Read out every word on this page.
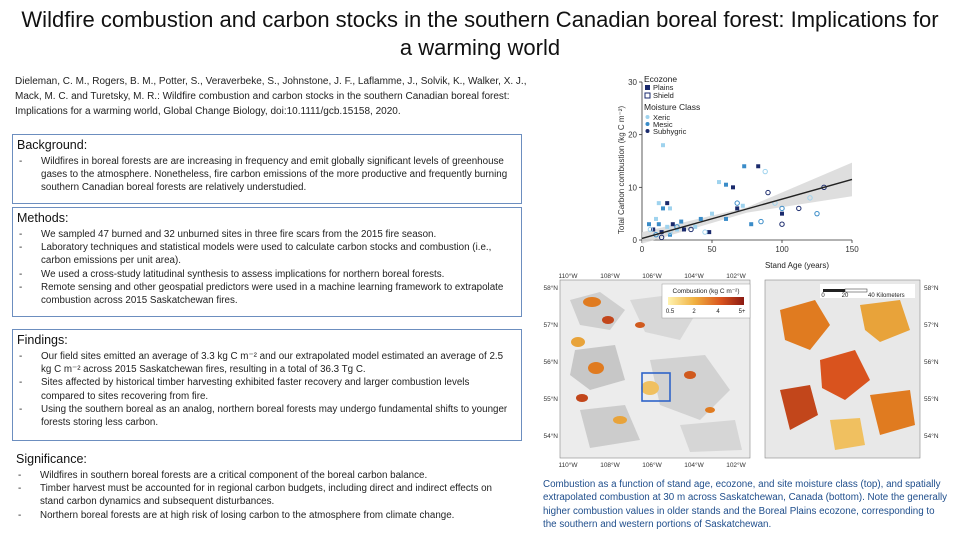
Wildfire combustion and carbon stocks in the southern Canadian boreal forest: Implications for a warming world
Dieleman, C. M., Rogers, B. M., Potter, S., Veraverbeke, S., Johnstone, J. F., Laflamme, J., Solvik, K., Walker, X. J., Mack, M. C. and Turetsky, M. R.: Wildfire combustion and carbon stocks in the southern Canadian boreal forest: Implications for a warming world, Global Change Biology, doi:10.1111/gcb.15158, 2020.
Background:
- Wildfires in boreal forests are are increasing in frequency and emit globally significant levels of greenhouse gases to the atmosphere. Nonetheless, fire carbon emissions of the more productive and frequently burning southern Canadian boreal forests are relatively understudied.
Methods:
- We sampled 47 burned and 32 unburned sites in three fire scars from the 2015 fire season.
- Laboratory techniques and statistical models were used to calculate carbon stocks and combustion (i.e., carbon emissions per unit area).
- We used a cross-study latitudinal synthesis to assess implications for northern boreal forests.
- Remote sensing and other geospatial predictors were used in a machine learning framework to extrapolate combustion across 2015 Saskatchewan fires.
Findings:
- Our field sites emitted an average of 3.3 kg C m⁻² and our extrapolated model estimated an average of 2.5 kg C m⁻² across 2015 Saskatchewan fires, resulting in a total of 36.3 Tg C.
- Sites affected by historical timber harvesting exhibited faster recovery and larger combustion levels compared to sites recovering from fire.
- Using the southern boreal as an analog, northern boreal forests may undergo fundamental shifts to younger forests storing less carbon.
Significance:
- Wildfires in southern boreal forests are a critical component of the boreal carbon balance.
- Timber harvest must be accounted for in regional carbon budgets, including direct and indirect effects on stand carbon dynamics and subsequent disturbances.
- Northern boreal forests are at high risk of losing carbon to the atmosphere from climate change.
Total Carbon combustion (kg C m⁻²)
0
10
20
30
0	50	100	150
Stand Age (years)
Ecozone
Plains
Shield
Moisture Class
Xeric
Mesic
Subhygric
110°W	108°W	106°W	104°W	102°W
Combustion (kg C m⁻²)
0.5	2	4	5+
58°N
57°N
56°N
55°N
54°N
110°W	108°W	106°W	104°W	102°W
0	20	40 Kilometers
58°N
57°N
56°N
55°N
54°N
Combustion as a function of stand age, ecozone, and site moisture class (top), and spatially extrapolated combustion at 30 m across Saskatchewan, Canada (bottom). Note the generally higher combustion values in older stands and the Boreal Plains ecozone, corresponding to the southern and western portions of Saskatchewan.
